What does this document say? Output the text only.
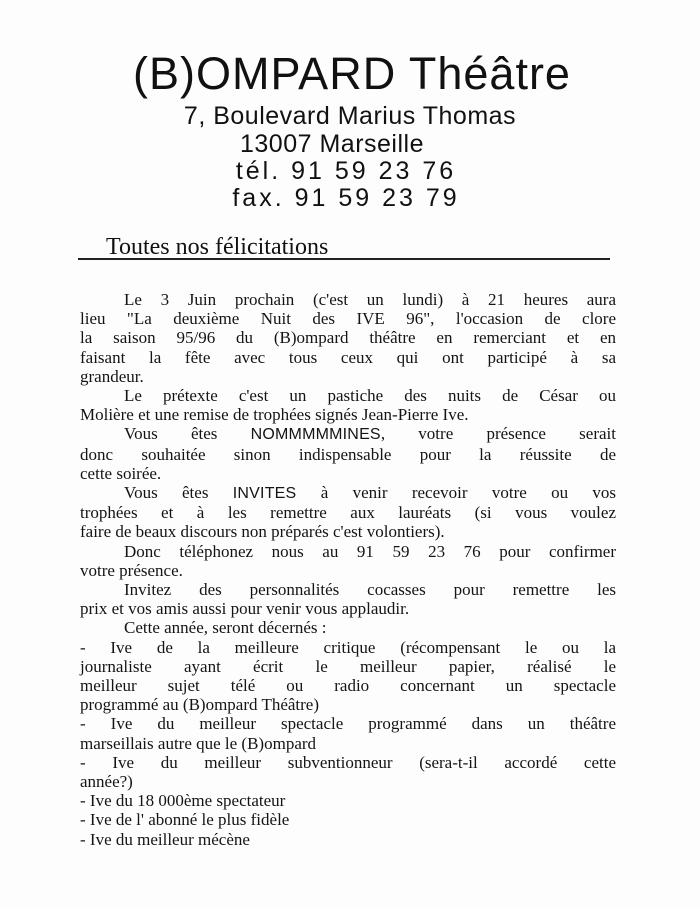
(B)OMPARD Théâtre
7, Boulevard Marius Thomas
13007 Marseille
tél. 91 59 23 76
fax. 91 59 23 79
Toutes nos félicitations

Le 3 Juin prochain (c'est un lundi) à 21 heures aura
lieu "La deuxième Nuit des IVE 96", l'occasion de clore
la saison 95/96 du (B)ompard théâtre en remerciant et en
faisant la fête avec tous ceux qui ont participé à sa
grandeur.

Le prétexte c'est un pastiche des nuits de César ou
Molière et une remise de trophées signés Jean-Pierre Ive.

Vous êtes NOMMMMMINES, votre présence serait
donc souhaitée sinon indispensable pour la réussite de
cette soirée.

Vous êtes INVITES à venir recevoir votre ou vos
trophées et à les remettre aux lauréats (si vous voulez
faire de beaux discours non préparés c'est volontiers).

Donc téléphonez nous au 91 59 23 76 pour confirmer
votre présence.

Invitez des personnalités cocasses pour remettre les
prix et vos amis aussi pour venir vous applaudir.

Cette année, seront décernés :

- Ive de la meilleure critique (récompensant le ou la
journaliste ayant écrit le meilleur papier, réalisé le
meilleur sujet télé ou radio concernant un spectacle
programmé au (B)ompard Théâtre)

- Ive du meilleur spectacle programmé dans un théâtre
marseillais autre que le (B)ompard

- Ive du meilleur subventionneur (sera-t-il accordé cette
année?)

- Ive du 18 000ème spectateur

- Ive de l' abonné le plus fidèle

- Ive du meilleur mécène
